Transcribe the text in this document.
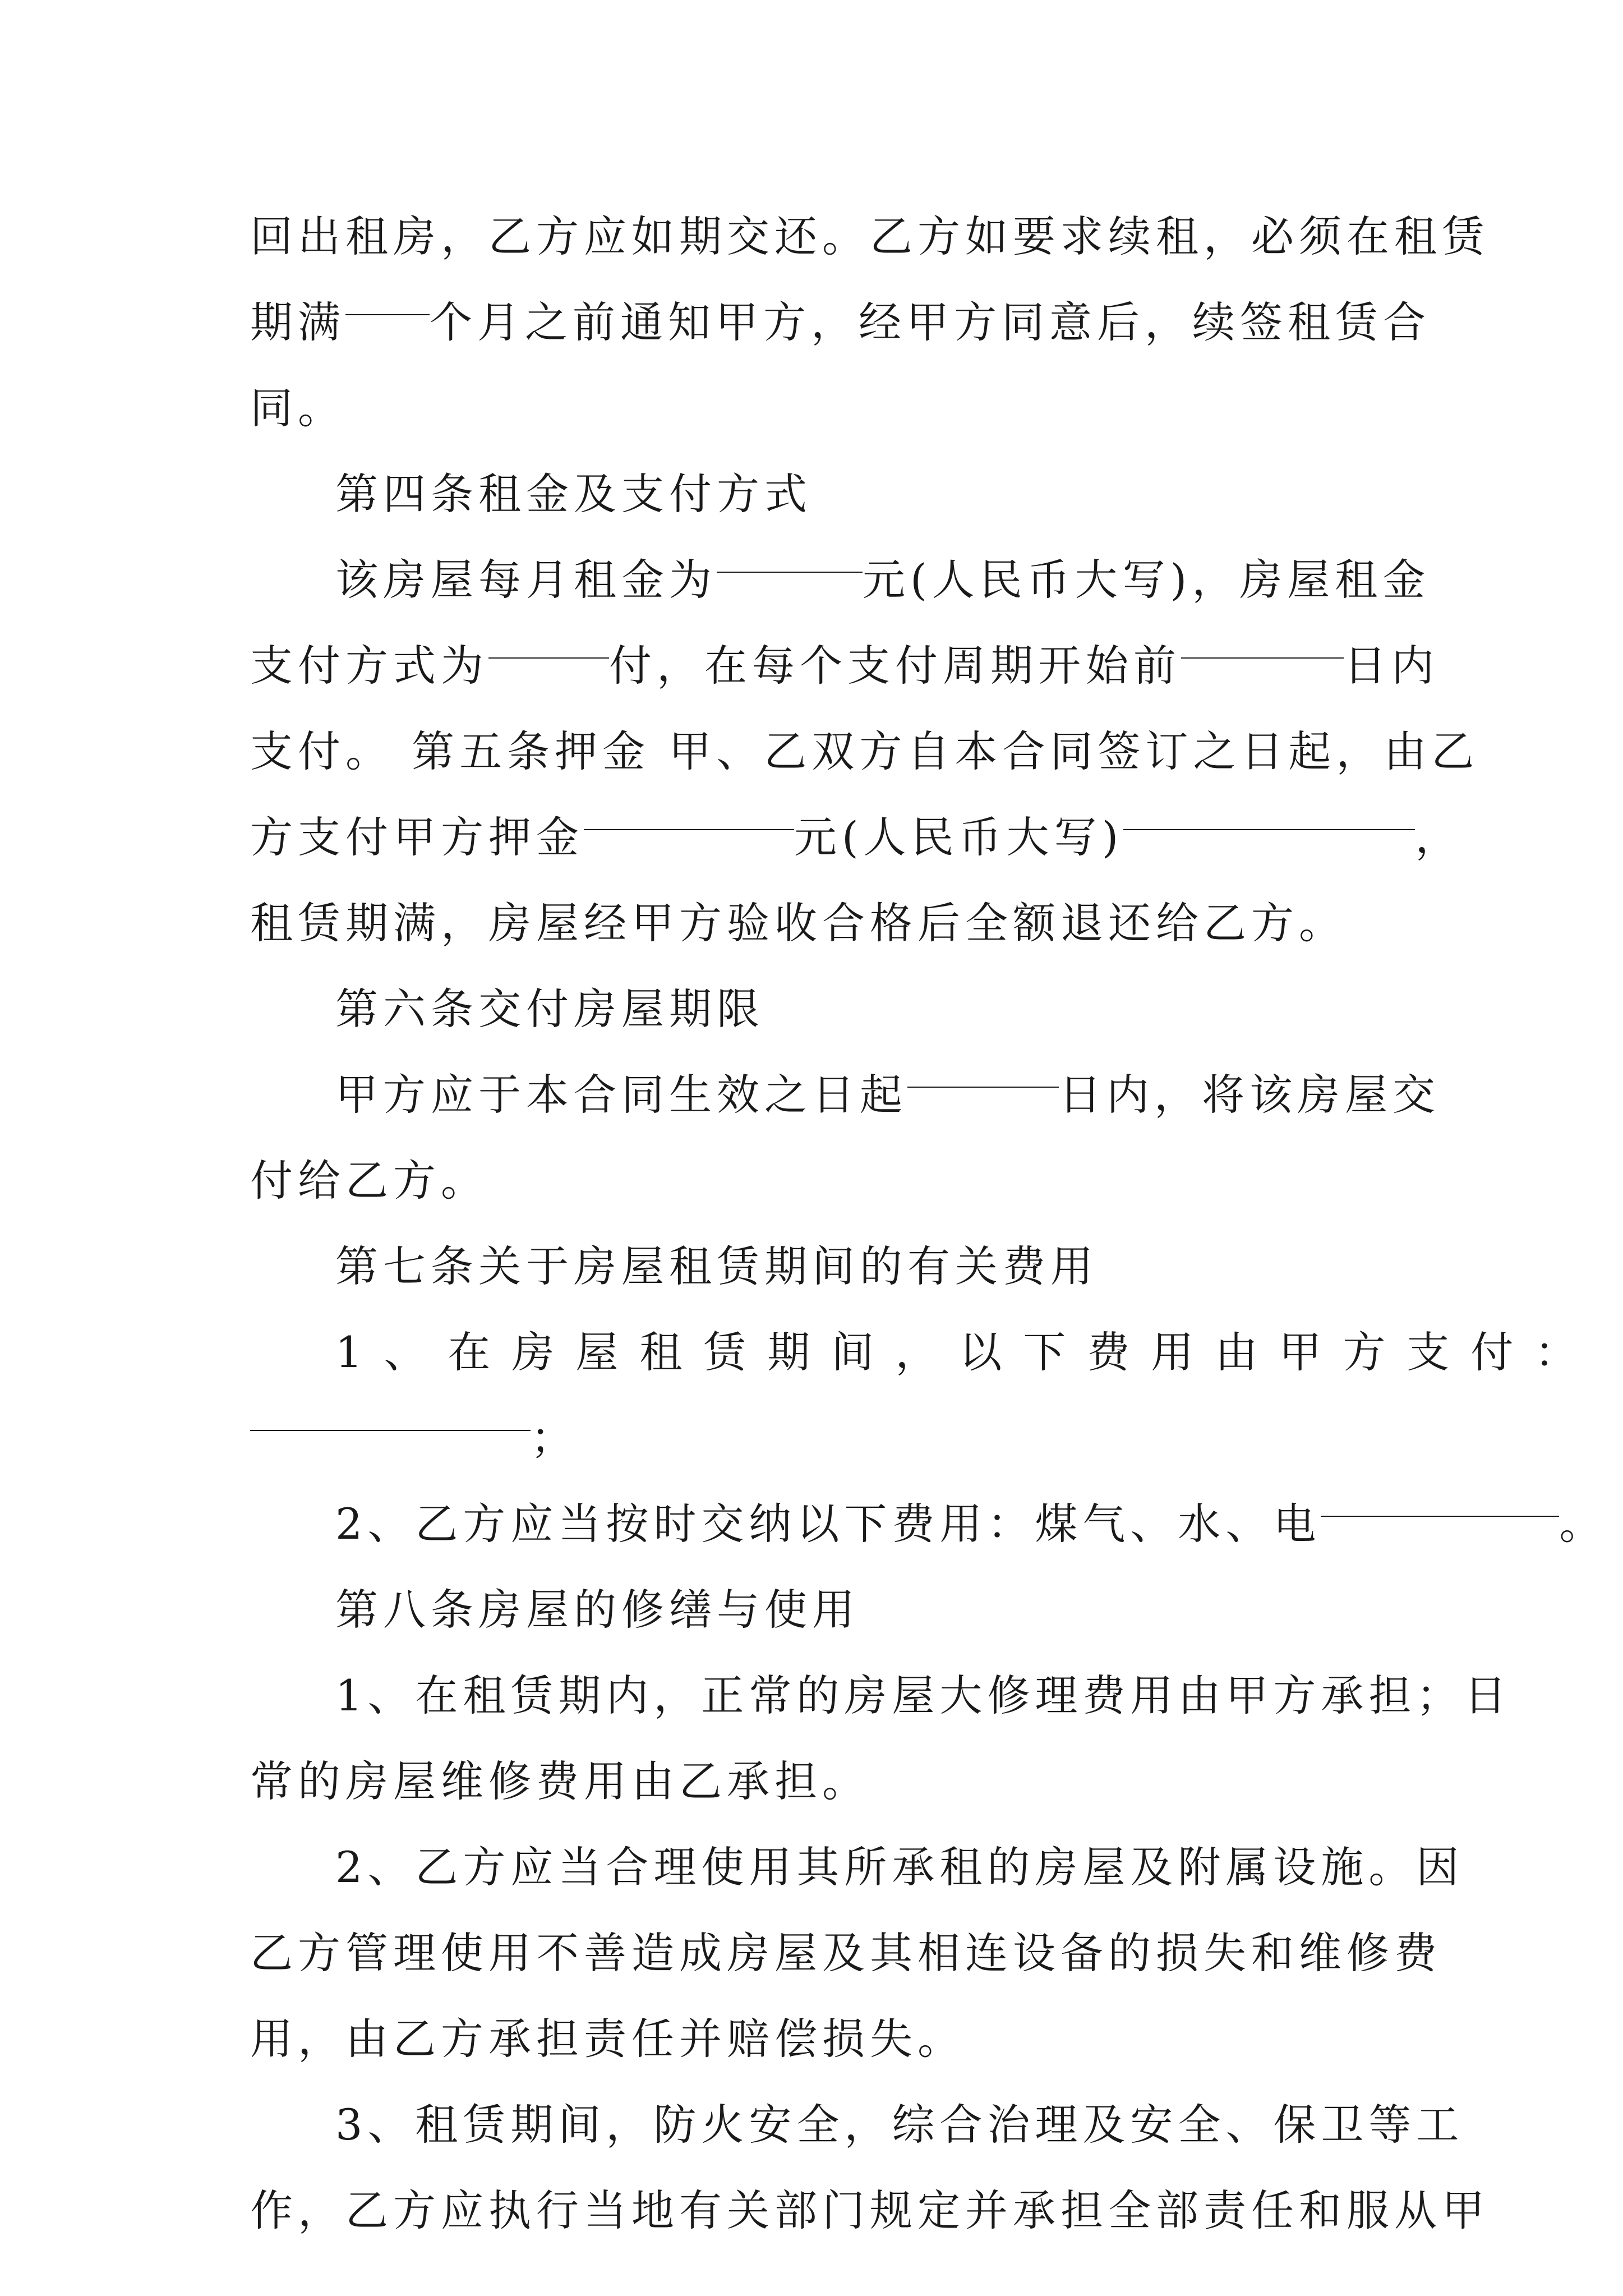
回出租房，乙方应如期交还。乙方如要求续租，必须在租赁
期满 个月之前通知甲方，经甲方同意后，续签租赁合
同。
第四条租金及支付方式
该房屋每月租金为	元(人民币大写)，房屋租金
支付方式为	付，在每个支付周期开始前	日内
支付。 第五条押金 甲、乙双方自本合同签订之日起，由乙
方支付甲方押金	元(人民币大写)	，
租赁期满，房屋经甲方验收合格后全额退还给乙方。
第六条交付房屋期限
甲方应于本合同生效之日起	日内，将该房屋交
付给乙方。
第七条关于房屋租赁期间的有关费用
1、在房屋租赁期间，以下费用由甲方支付：
；
2、乙方应当按时交纳以下费用：煤气、水、电	。
第八条房屋的修缮与使用
1、在租赁期内，正常的房屋大修理费用由甲方承担；日
常的房屋维修费用由乙承担。
2、乙方应当合理使用其所承租的房屋及附属设施。因
乙方管理使用不善造成房屋及其相连设备的损失和维修费
用，由乙方承担责任并赔偿损失。
3、租赁期间，防火安全，综合治理及安全、保卫等工
作，乙方应执行当地有关部门规定并承担全部责任和服从甲
